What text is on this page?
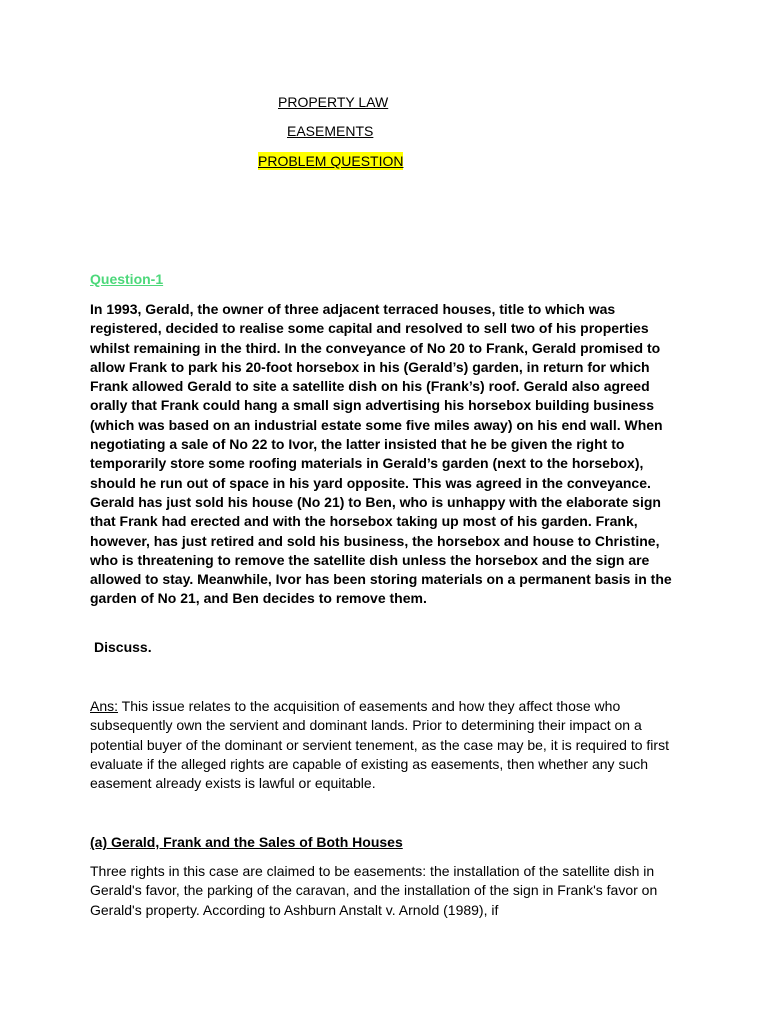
PROPERTY LAW
EASEMENTS
PROBLEM QUESTION
Question-1

In 1993, Gerald, the owner of three adjacent terraced houses, title to which was registered, decided to realise some capital and resolved to sell two of his properties whilst remaining in the third. In the conveyance of No 20 to Frank, Gerald promised to allow Frank to park his 20-foot horsebox in his (Gerald’s) garden, in return for which Frank allowed Gerald to site a satellite dish on his (Frank’s) roof. Gerald also agreed orally that Frank could hang a small sign advertising his horsebox building business (which was based on an industrial estate some five miles away) on his end wall. When negotiating a sale of No 22 to Ivor, the latter insisted that he be given the right to temporarily store some roofing materials in Gerald’s garden (next to the horsebox), should he run out of space in his yard opposite. This was agreed in the conveyance. Gerald has just sold his house (No 21) to Ben, who is unhappy with the elaborate sign that Frank had erected and with the horsebox taking up most of his garden. Frank, however, has just retired and sold his business, the horsebox and house to Christine, who is threatening to remove the satellite dish unless the horsebox and the sign are allowed to stay. Meanwhile, Ivor has been storing materials on a permanent basis in the garden of No 21, and Ben decides to remove them.

Discuss.

Ans: This issue relates to the acquisition of easements and how they affect those who subsequently own the servient and dominant lands. Prior to determining their impact on a potential buyer of the dominant or servient tenement, as the case may be, it is required to first evaluate if the alleged rights are capable of existing as easements, then whether any such easement already exists is lawful or equitable.

(a) Gerald, Frank and the Sales of Both Houses

Three rights in this case are claimed to be easements: the installation of the satellite dish in Gerald's favor, the parking of the caravan, and the installation of the sign in Frank's favor on Gerald's property. According to Ashburn Anstalt v. Arnold (1989), if
